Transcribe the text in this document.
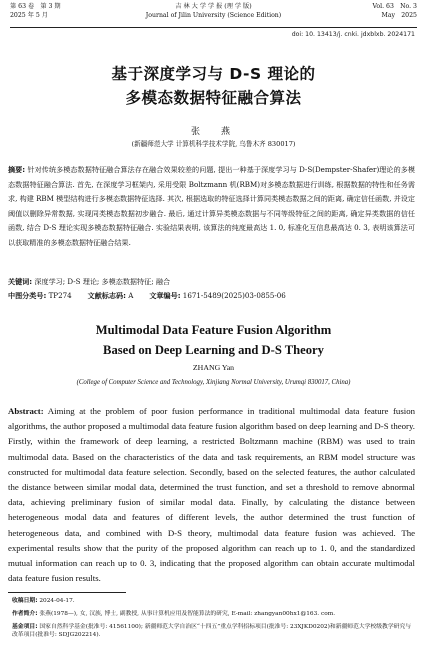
第 63 卷　第 3 期	吉 林 大 学 学 报 (理 学 版)	Vol. 63　No. 3
2025 年 5 月	Journal of Jilin University (Science Edition)	May　2025
doi: 10. 13413/j. cnki. jdxblxb. 2024171
基于深度学习与 D-S 理论的
多模态数据特征融合算法
张　燕
(新疆师范大学 计算机科学技术学院, 乌鲁木齐 830017)
摘要: 针对传统多模态数据特征融合算法存在融合效果较差的问题, 提出一种基于深度学习与 D-S(Dempster-Shafer)理论的多模态数据特征融合算法. 首先, 在深度学习框架内, 采用受限 Boltzmann 机(RBM)对多模态数据进行训练, 根据数据的特性和任务需求, 构建 RBM 模型结构进行多模态数据特征选择. 其次, 根据选取的特征选择计算同类模态数据之间的距离, 确定信任函数, 并设定阈值以删除异常数据, 实现同类模态数据初步融合. 最后, 通过计算异类模态数据与不同等级特征之间的距离, 确定异类数据的信任函数, 结合 D-S 理论实现多模态数据特征融合. 实验结果表明, 该算法的纯度最高达 1. 0, 标准化互信息最高达 0. 3, 表明该算法可以获取精准的多模态数据特征融合结果.
关键词: 深度学习; D-S 理论; 多模态数据特征; 融合
中图分类号: TP274 文献标志码: A 文章编号: 1671-5489(2025)03-0855-06
Multimodal Data Feature Fusion Algorithm
Based on Deep Learning and D-S Theory
ZHANG Yan
(College of Computer Science and Technology, Xinjiang Normal University, Urumqi 830017, China)
Abstract: Aiming at the problem of poor fusion performance in traditional multimodal data feature fusion algorithms, the author proposed a multimodal data feature fusion algorithm based on deep learning and D-S theory. Firstly, within the framework of deep learning, a restricted Boltzmann machine (RBM) was used to train multimodal data. Based on the characteristics of the data and task requirements, an RBM model structure was constructed for multimodal data feature selection. Secondly, based on the selected features, the author calculated the distance between similar modal data, determined the trust function, and set a threshold to remove abnormal data, achieving preliminary fusion of similar modal data. Finally, by calculating the distance between heterogeneous modal data and features of different levels, the author determined the trust function of heterogeneous data, and combined with D-S theory, multimodal data feature fusion was achieved. The experimental results show that the purity of the proposed algorithm can reach up to 1. 0, and the standardized mutual information can reach up to 0. 3, indicating that the proposed algorithm can obtain accurate multimodal data feature fusion results.
收稿日期: 2024-04-17.
作者简介: 张燕(1978—), 女, 汉族, 博士, 副教授, 从事计算机应用及智能算法的研究, E-mail: zhangyan00hx1@163. com.
基金项目: 国家自然科学基金(批准号: 41561100); 新疆师范大学自治区“十四五”重点学科招标项目(批准号: 23XJKD0202)和新疆师范大学校级教学研究与改革项目(批准号: SDJG202214).
